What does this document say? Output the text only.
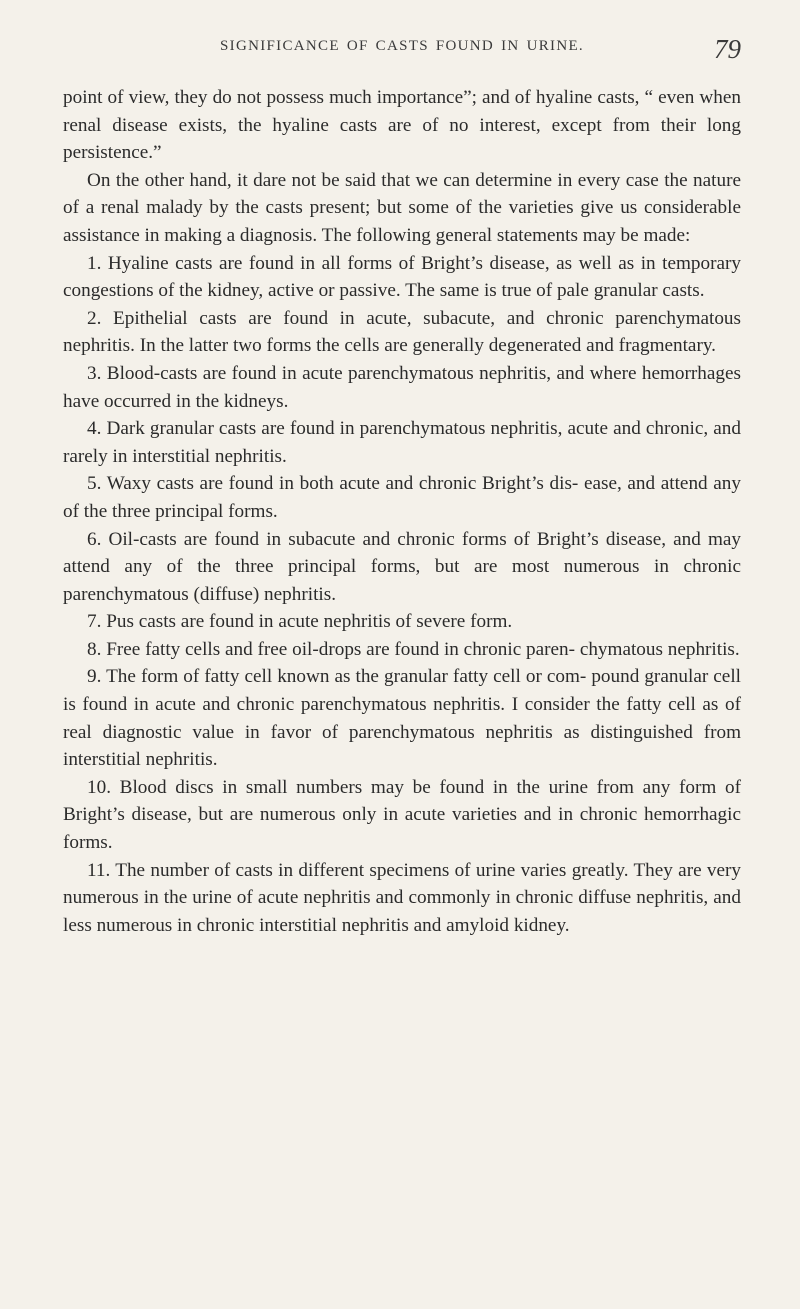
SIGNIFICANCE OF CASTS FOUND IN URINE.	79

point of view, they do not possess much importance”; and of hyaline casts, “ even when renal disease exists, the hyaline casts are of no interest, except from their long persistence.”

On the other hand, it dare not be said that we can determine in every case the nature of a renal malady by the casts present; but some of the varieties give us considerable assistance in making a diagnosis. The following general statements may be made:

1. Hyaline casts are found in all forms of Bright’s disease, as well as in temporary congestions of the kidney, active or passive. The same is true of pale granular casts.

2. Epithelial casts are found in acute, subacute, and chronic parenchymatous nephritis. In the latter two forms the cells are generally degenerated and fragmentary.

3. Blood-casts are found in acute parenchymatous nephritis, and where hemorrhages have occurred in the kidneys.

4. Dark granular casts are found in parenchymatous nephritis, acute and chronic, and rarely in interstitial nephritis.

5. Waxy casts are found in both acute and chronic Bright’s dis- ease, and attend any of the three principal forms.

6. Oil-casts are found in subacute and chronic forms of Bright’s disease, and may attend any of the three principal forms, but are most numerous in chronic parenchymatous (diffuse) nephritis.

7. Pus casts are found in acute nephritis of severe form.

8. Free fatty cells and free oil-drops are found in chronic paren- chymatous nephritis.

9. The form of fatty cell known as the granular fatty cell or com- pound granular cell is found in acute and chronic parenchymatous nephritis. I consider the fatty cell as of real diagnostic value in favor of parenchymatous nephritis as distinguished from interstitial nephritis.

10. Blood discs in small numbers may be found in the urine from any form of Bright’s disease, but are numerous only in acute varieties and in chronic hemorrhagic forms.

11. The number of casts in different specimens of urine varies greatly. They are very numerous in the urine of acute nephritis and commonly in chronic diffuse nephritis, and less numerous in chronic interstitial nephritis and amyloid kidney.
